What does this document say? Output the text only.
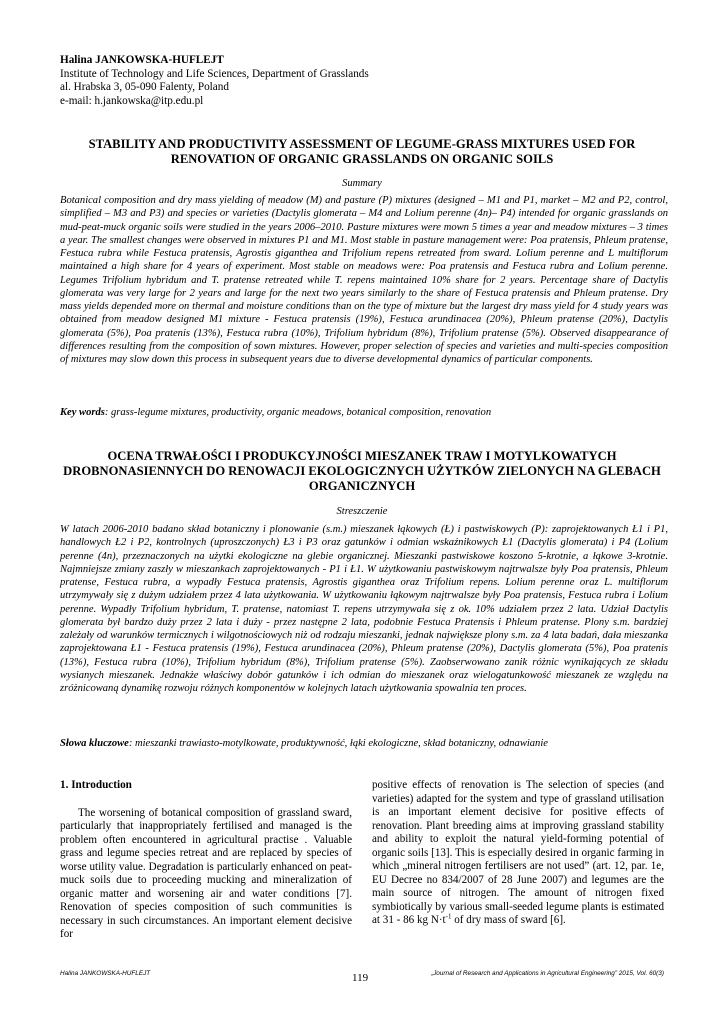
Halina JANKOWSKA-HUFLEJT
Institute of Technology and Life Sciences, Department of Grasslands
al. Hrabska 3, 05-090 Falenty, Poland
e-mail: h.jankowska@itp.edu.pl
STABILITY AND PRODUCTIVITY ASSESSMENT OF LEGUME-GRASS MIXTURES USED FOR RENOVATION OF ORGANIC GRASSLANDS ON ORGANIC SOILS
Summary
Botanical composition and dry mass yielding of meadow (M) and pasture (P) mixtures (designed – M1 and P1, market – M2 and P2, control, simplified – M3 and P3) and species or varieties (Dactylis glomerata – M4 and Lolium perenne (4n)– P4) intended for organic grasslands on mud-peat-muck organic soils were studied in the years 2006–2010. Pasture mixtures were mown 5 times a year and meadow mixtures – 3 times a year. The smallest changes were observed in mixtures P1 and M1. Most stable in pasture management were: Poa pratensis, Phleum pratense, Festuca rubra while Festuca pratensis, Agrostis giganthea and Trifolium repens retreated from sward. Lolium perenne and L multiflorum maintained a high share for 4 years of experiment. Most stable on meadows were: Poa pratensis and Festuca rubra and Lolium perenne. Legumes Trifolium hybridum and T. pratense retreated while T. repens maintained 10% share for 2 years. Percentage share of Dactylis glomerata was very large for 2 years and large for the next two years similarly to the share of Festuca pratensis and Phleum pratense. Dry mass yields depended more on thermal and moisture conditions than on the type of mixture but the largest dry mass yield for 4 study years was obtained from meadow designed M1 mixture - Festuca pratensis (19%), Festuca arundinacea (20%), Phleum pratense (20%), Dactylis glomerata (5%), Poa pratenis (13%), Festuca rubra (10%), Trifolium hybridum (8%), Trifolium pratense (5%). Observed disappearance of differences resulting from the composition of sown mixtures. However, proper selection of species and varieties and multi-species composition of mixtures may slow down this process in subsequent years due to diverse developmental dynamics of particular components.
Key words: grass-legume mixtures, productivity, organic meadows, botanical composition, renovation
OCENA TRWAŁOŚCI I PRODUKCYJNOŚCI MIESZANEK TRAW I MOTYLKOWATYCH DROBNONASIENNYCH DO RENOWACJI EKOLOGICZNYCH UŻYTKÓW ZIELONYCH NA GLEBACH ORGANICZNYCH
Streszczenie
W latach 2006-2010 badano skład botaniczny i plonowanie (s.m.) mieszanek łąkowych (Ł) i pastwiskowych (P): zaprojektowanych Ł1 i P1, handlowych Ł2 i P2, kontrolnych (uproszczonych) Ł3 i P3 oraz gatunków i odmian wskaźnikowych Ł1 (Dactylis glomerata) i P4 (Lolium perenne (4n), przeznaczonych na użytki ekologiczne na glebie organicznej. Mieszanki pastwiskowe koszono 5-krotnie, a łąkowe 3-krotnie. Najmniejsze zmiany zaszły w mieszankach zaprojektowanych - P1 i Ł1. W użytkowaniu pastwiskowym najtrwalsze były Poa pratensis, Phleum pratense, Festuca rubra, a wypadły Festuca pratensis, Agrostis giganthea oraz Trifolium repens. Lolium perenne oraz L. multiflorum utrzymywały się z dużym udziałem przez 4 lata użytkowania. W użytkowaniu łąkowym najtrwalsze były Poa pratensis, Festuca rubra i Lolium perenne. Wypadły Trifolium hybridum, T. pratense, natomiast T. repens utrzymywała się z ok. 10% udziałem przez 2 lata. Udział Dactylis glomerata był bardzo duży przez 2 lata i duży - przez następne 2 lata, podobnie Festuca Pratensis i Phleum pratense. Plony s.m. bardziej zależały od warunków termicznych i wilgotnościowych niż od rodzaju mieszanki, jednak największe plony s.m. za 4 lata badań, dała mieszanka zaprojektowana Ł1 - Festuca pratensis (19%), Festuca arundinacea (20%), Phleum pratense (20%), Dactylis glomerata (5%), Poa pratenis (13%), Festuca rubra (10%), Trifolium hybridum (8%), Trifolium pratense (5%). Zaobserwowano zanik różnic wynikających ze składu wysianych mieszanek. Jednakże właściwy dobór gatunków i ich odmian do mieszanek oraz wielogatunkowość mieszanek ze względu na zróżnicowaną dynamikę rozwoju różnych komponentów w kolejnych latach użytkowania spowalnia ten proces.
Słowa kluczowe: mieszanki trawiasto-motylkowate, produktywność, łąki ekologiczne, skład botaniczny, odnawianie
1. Introduction

The worsening of botanical composition of grassland sward, particularly that inappropriately fertilised and managed is the problem often encountered in agricultural practise . Valuable grass and legume species retreat and are replaced by species of worse utility value. Degradation is particularly enhanced on peat-muck soils due to proceeding mucking and mineralization of organic matter and worsening air and water conditions [7]. Renovation of species composition of such communities is necessary in such circumstances. An important element decisive for

positive effects of renovation is The selection of species (and varieties) adapted for the system and type of grassland utilisation is an important element decisive for positive effects of renovation. Plant breeding aims at improving grassland stability and ability to exploit the natural yield-forming potential of organic soils [13]. This is especially desired in organic farming in which „mineral nitrogen fertilisers are not used” (art. 12, par. 1e, EU Decree no 834/2007 of 28 June 2007) and legumes are the main source of nitrogen. The amount of nitrogen fixed symbiotically by various small-seeded legume plants is estimated at 31 - 86 kg $N\cdot t^{-1}$ of dry mass of sward [6].

Halina JANKOWSKA-HUFLEJT	119	„Journal of Research and Applications in Agricultural Engineering” 2015, Vol. 60(3)
